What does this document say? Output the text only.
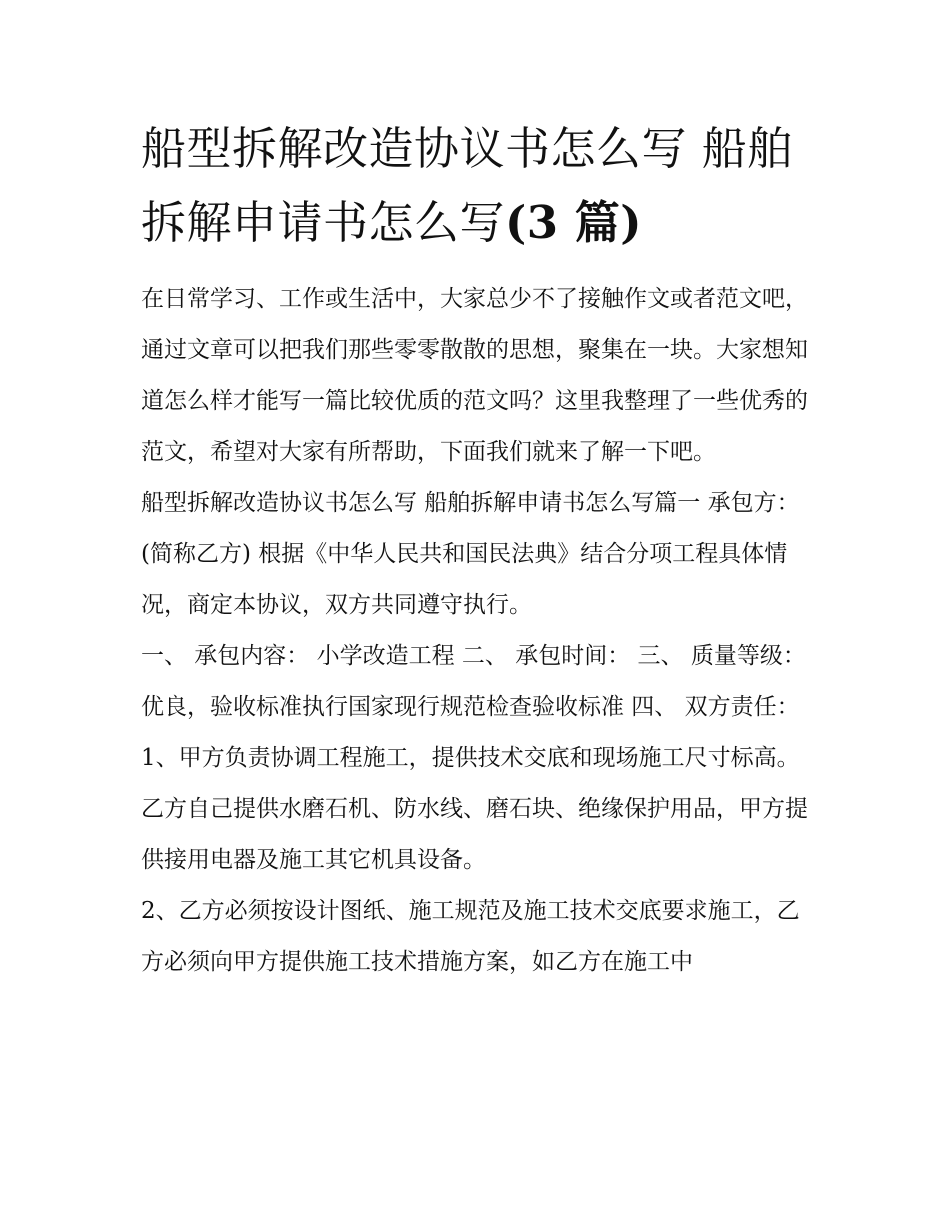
船型拆解改造协议书怎么写 船舶拆解申请书怎么写(3 篇)

在日常学习、工作或生活中，大家总少不了接触作文或者范文吧，通过文章可以把我们那些零零散散的思想，聚集在一块。大家想知道怎么样才能写一篇比较优质的范文吗？这里我整理了一些优秀的范文，希望对大家有所帮助，下面我们就来了解一下吧。

船型拆解改造协议书怎么写 船舶拆解申请书怎么写篇一 承包方： (简称乙方) 根据《中华人民共和国民法典》结合分项工程具体情况，商定本协议，双方共同遵守执行。

一、 承包内容： 小学改造工程 二、 承包时间： 三、 质量等级：优良，验收标准执行国家现行规范检查验收标准 四、 双方责任：

1、甲方负责协调工程施工，提供技术交底和现场施工尺寸标高。乙方自己提供水磨石机、防水线、磨石块、绝缘保护用品，甲方提供接用电器及施工其它机具设备。

2、乙方必须按设计图纸、施工规范及施工技术交底要求施工，乙方必须向甲方提供施工技术措施方案，如乙方在施工中
